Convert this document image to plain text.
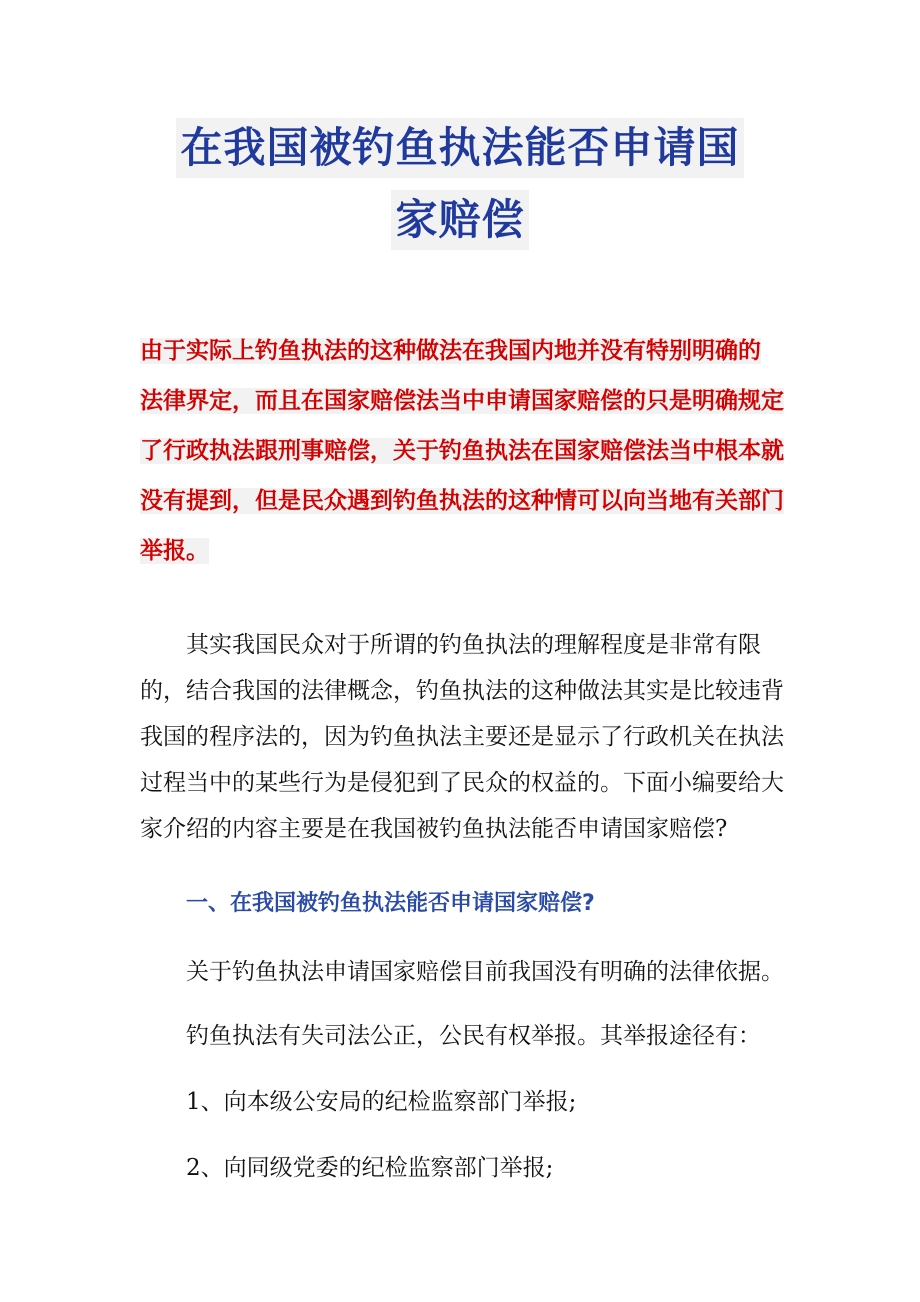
在我国被钓鱼执法能否申请国
家赔偿
由于实际上钓鱼执法的这种做法在我国内地并没有特别明确的
法律界定，而且在国家赔偿法当中申请国家赔偿的只是明确规定
了行政执法跟刑事赔偿，关于钓鱼执法在国家赔偿法当中根本就
没有提到，但是民众遇到钓鱼执法的这种情可以向当地有关部门
举报。
其实我国民众对于所谓的钓鱼执法的理解程度是非常有限
的，结合我国的法律概念，钓鱼执法的这种做法其实是比较违背
我国的程序法的，因为钓鱼执法主要还是显示了行政机关在执法
过程当中的某些行为是侵犯到了民众的权益的。下面小编要给大
家介绍的内容主要是在我国被钓鱼执法能否申请国家赔偿?
一、在我国被钓鱼执法能否申请国家赔偿?
关于钓鱼执法申请国家赔偿目前我国没有明确的法律依据。
钓鱼执法有失司法公正，公民有权举报。其举报途径有：
1、向本级公安局的纪检监察部门举报;
2、向同级党委的纪检监察部门举报;
